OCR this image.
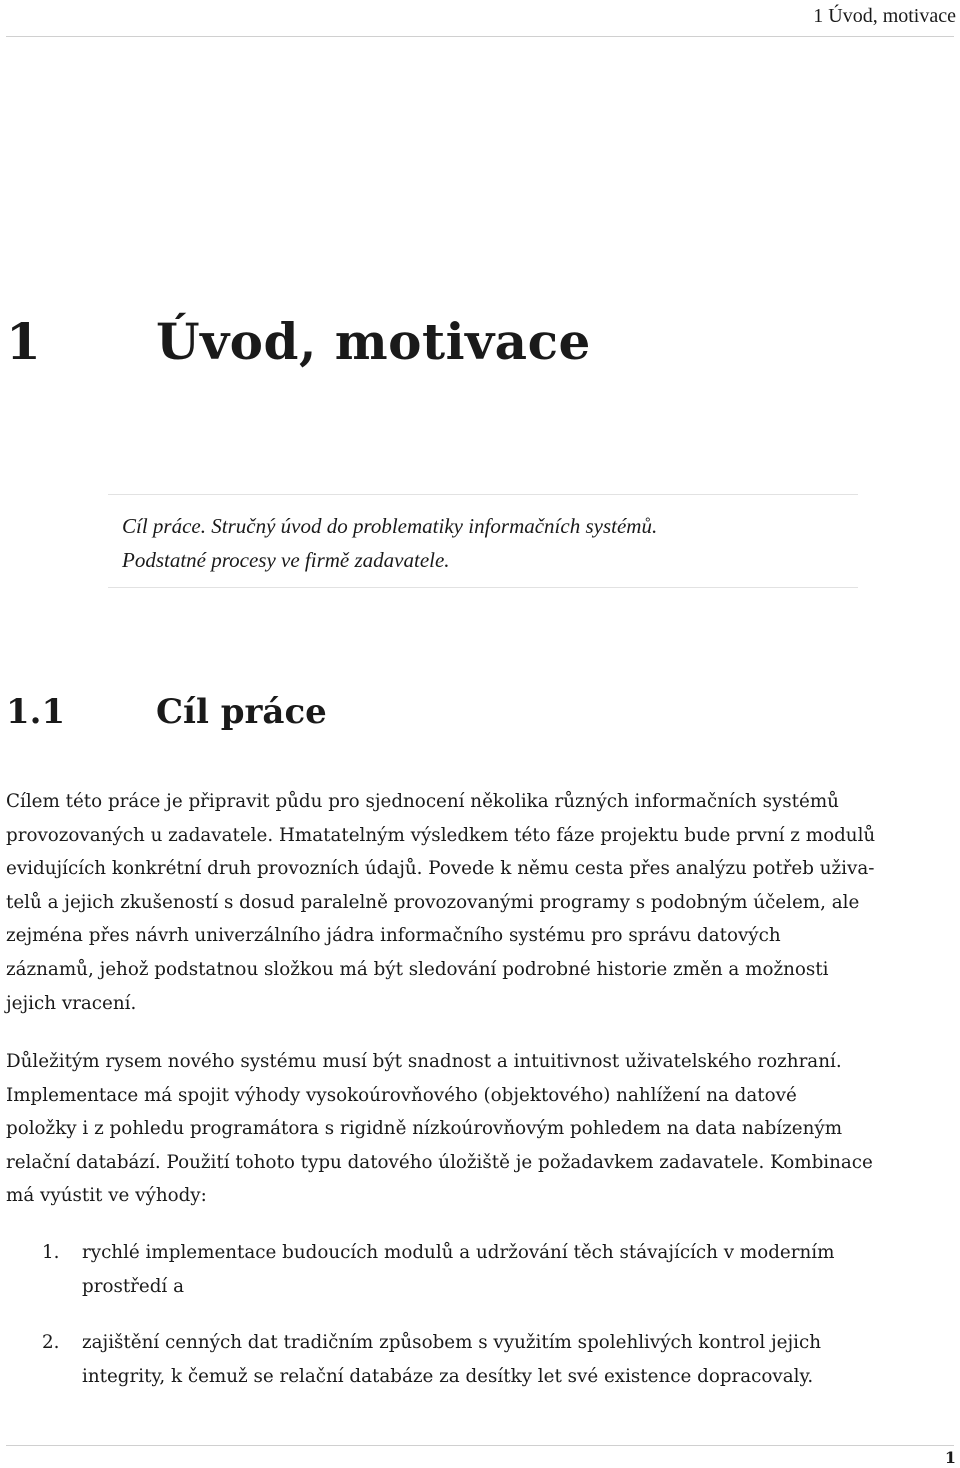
1 Úvod, motivace
1 Úvod, motivace

Cíl práce. Stručný úvod do problematiky informačních systémů.
Podstatné procesy ve firmě zadavatele.

1.1	Cíl práce
Cílem této práce je připravit půdu pro sjednocení několika různých informačních systémů
provozovaných u zadavatele. Hmatatelným výsledkem této fáze projektu bude první z modulů
evidujících konkrétní druh provozních údajů. Povede k němu cesta přes analýzu potřeb uživa-
telů a jejich zkušeností s dosud paralelně provozovanými programy s podobným účelem, ale
zejména přes návrh univerzálního jádra informačního systému pro správu datových
záznamů, jehož podstatnou složkou má být sledování podrobné historie změn a možnosti
jejich vracení.
Důležitým rysem nového systému musí být snadnost a intuitivnost uživatelského rozhraní.
Implementace má spojit výhody vysokoúrovňového (objektového) nahlížení na datové
položky i z pohledu programátora s rigidně nízkoúrovňovým pohledem na data nabízeným
relační databází. Použití tohoto typu datového úložiště je požadavkem zadavatele. Kombinace
má vyústit ve výhody:
1. rychlé implementace budoucích modulů a udržování těch stávajících v moderním
prostředí a
2. zajištění cenných dat tradičním způsobem s využitím spolehlivých kontrol jejich
integrity, k čemuž se relační databáze za desítky let své existence dopracovaly.
1
